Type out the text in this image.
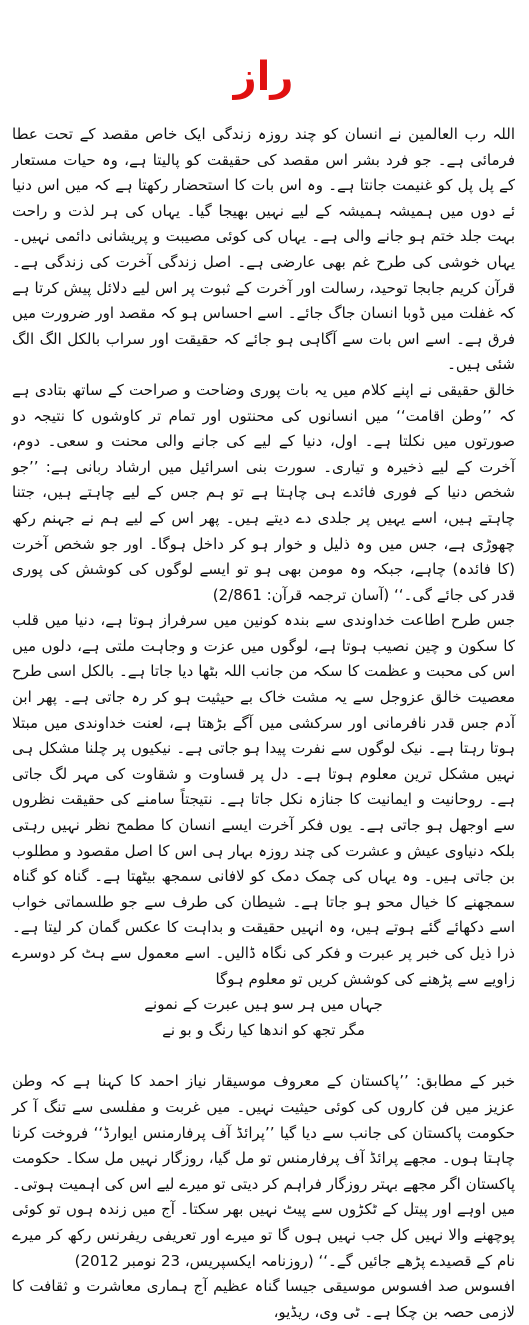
راز

اللہ رب العالمین نے انسان کو چند روزہ زندگی ایک خاص مقصد کے تحت عطا فرمائی ہے۔ جو فرد بشر اس مقصد کی حقیقت کو پالیتا ہے، وہ حیات مستعار کے پل پل کو غنیمت جانتا ہے۔ وہ اس بات کا استحضار رکھتا ہے کہ میں اس دنیا ئے دوں میں ہمیشہ ہمیشہ کے لیے نہیں بھیجا گیا۔ یہاں کی ہر لذت و راحت بہت جلد ختم ہو جانے والی ہے۔ یہاں کی کوئی مصیبت و پریشانی دائمی نہیں۔ یہاں خوشی کی طرح غم بھی عارضی ہے۔ اصل زندگی آخرت کی زندگی ہے۔ قرآن کریم جابجا توحید، رسالت اور آخرت کے ثبوت پر اس لیے دلائل پیش کرتا ہے کہ غفلت میں ڈوبا انسان جاگ جائے۔ اسے احساس ہو کہ مقصد اور ضرورت میں فرق ہے۔ اسے اس بات سے آگاہی ہو جائے کہ حقیقت اور سراب بالکل الگ الگ شئی ہیں۔

خالق حقیقی نے اپنے کلام میں یہ بات پوری وضاحت و صراحت کے ساتھ بتادی ہے کہ ’’وطن اقامت‘‘ میں انسانوں کی محنتوں اور تمام تر کاوشوں کا نتیجہ دو صورتوں میں نکلتا ہے۔ اول، دنیا کے لیے کی جانے والی محنت و سعی۔ دوم، آخرت کے لیے ذخیرہ و تیاری۔ سورت بنی اسرائیل میں ارشاد ربانی ہے: ’’جو شخص دنیا کے فوری فائدے ہی چاہتا ہے تو ہم جس کے لیے چاہتے ہیں، جتنا چاہتے ہیں، اسے یہیں پر جلدی دے دیتے ہیں۔ پھر اس کے لیے ہم نے جہنم رکھ چھوڑی ہے، جس میں وہ ذلیل و خوار ہو کر داخل ہوگا۔ اور جو شخص آخرت (کا فائدہ) چاہے، جبکہ وہ مومن بھی ہو تو ایسے لوگوں کی کوشش کی پوری قدر کی جائے گی۔‘‘ (آسان ترجمہ قرآن: 2/861)

جس طرح اطاعت خداوندی سے بندہ کونین میں سرفراز ہوتا ہے، دنیا میں قلب کا سکون و چین نصیب ہوتا ہے، لوگوں میں عزت و وجاہت ملتی ہے، دلوں میں اس کی محبت و عظمت کا سکہ من جانب اللہ بٹھا دیا جاتا ہے۔ بالکل اسی طرح معصیت خالق عزوجل سے یہ مشت خاک بے حیثیت ہو کر رہ جاتی ہے۔ پھر ابن آدم جس قدر نافرمانی اور سرکشی میں آگے بڑھتا ہے، لعنت خداوندی میں مبتلا ہوتا رہتا ہے۔ نیک لوگوں سے نفرت پیدا ہو جاتی ہے۔ نیکیوں پر چلنا مشکل ہی نہیں مشکل ترین معلوم ہوتا ہے۔ دل پر قساوت و شقاوت کی مہر لگ جاتی ہے۔ روحانیت و ایمانیت کا جنازہ نکل جاتا ہے۔ نتیجتاً سامنے کی حقیقت نظروں سے اوجھل ہو جاتی ہے۔ یوں فکر آخرت ایسے انسان کا مطمح نظر نہیں رہتی بلکہ دنیاوی عیش و عشرت کی چند روزہ بہار ہی اس کا اصل مقصود و مطلوب بن جاتی ہیں۔ وہ یہاں کی چمک دمک کو لافانی سمجھ بیٹھتا ہے۔ گناہ کو گناہ سمجھنے کا خیال محو ہو جاتا ہے۔ شیطان کی طرف سے جو طلسماتی خواب اسے دکھائے گئے ہوتے ہیں، وہ انہیں حقیقت و بداہت کا عکس گمان کر لیتا ہے۔ ذرا ذیل کی خبر پر عبرت و فکر کی نگاہ ڈالیں۔ اسے معمول سے ہٹ کر دوسرے زاویے سے پڑھنے کی کوشش کریں تو معلوم ہوگا

جہاں میں ہر سو ہیں عبرت کے نمونے

مگر تجھ کو اندھا کیا رنگ و بو نے

خبر کے مطابق: ’’پاکستان کے معروف موسیقار نیاز احمد کا کہنا ہے کہ وطن عزیز میں فن کاروں کی کوئی حیثیت نہیں۔ میں غربت و مفلسی سے تنگ آ کر حکومت پاکستان کی جانب سے دیا گیا ’’پرائڈ آف پرفارمنس ایوارڈ‘‘ فروخت کرنا چاہتا ہوں۔ مجھے پرائڈ آف پرفارمنس تو مل گیا، روزگار نہیں مل سکا۔ حکومت پاکستان اگر مجھے بہتر روزگار فراہم کر دیتی تو میرے لیے اس کی اہمیت ہوتی۔ میں اوہے اور پیتل کے ٹکڑوں سے پیٹ نہیں بھر سکتا۔ آج میں زندہ ہوں تو کوئی پوچھنے والا نہیں کل جب نہیں ہوں گا تو میرے اور تعریفی ریفرنس رکھ کر میرے نام کے قصیدے پڑھے جائیں گے۔‘‘ (روزنامہ ایکسپریس، 23 نومبر 2012)

افسوس صد افسوس موسیقی جیسا گناہ عظیم آج ہماری معاشرت و ثقافت کا لازمی حصہ بن چکا ہے۔ ٹی وی، ریڈیو،
